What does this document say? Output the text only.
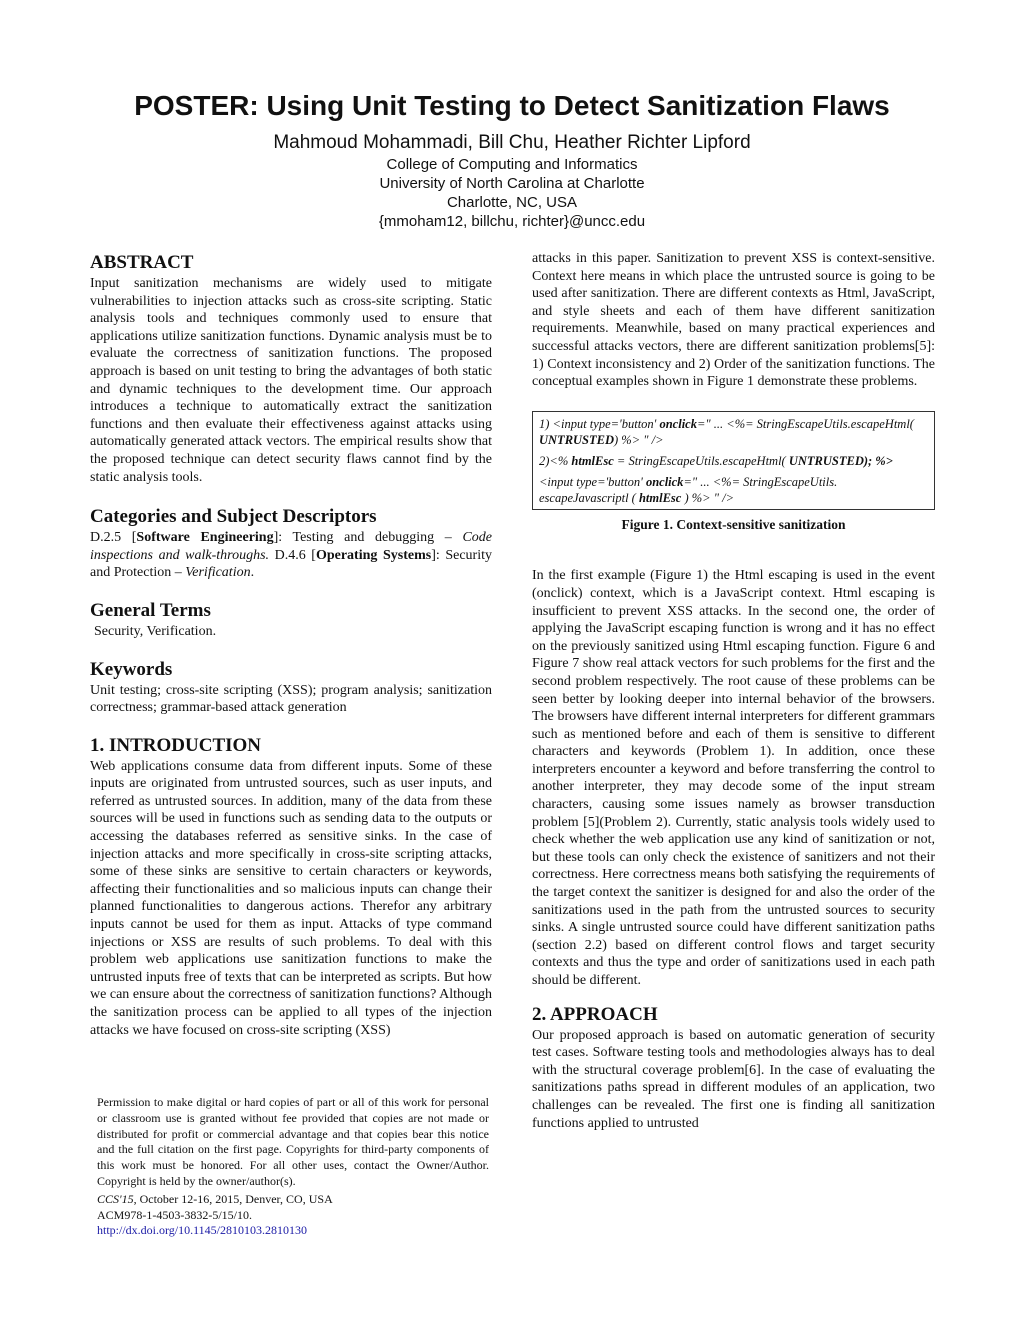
POSTER: Using Unit Testing to Detect Sanitization Flaws
Mahmoud Mohammadi, Bill Chu, Heather Richter Lipford
College of Computing and Informatics
University of North Carolina at Charlotte
Charlotte, NC, USA
{mmoham12, billchu, richter}@uncc.edu
ABSTRACT

Input sanitization mechanisms are widely used to mitigate vulnerabilities to injection attacks such as cross-site scripting. Static analysis tools and techniques commonly used to ensure that applications utilize sanitization functions. Dynamic analysis must be to evaluate the correctness of sanitization functions. The proposed approach is based on unit testing to bring the advantages of both static and dynamic techniques to the development time. Our approach introduces a technique to automatically extract the sanitization functions and then evaluate their effectiveness against attacks using automatically generated attack vectors. The empirical results show that the proposed technique can detect security flaws cannot find by the static analysis tools.

Categories and Subject Descriptors

D.2.5 [Software Engineering]: Testing and debugging – Code inspections and walk-throughs. D.4.6 [Operating Systems]: Security and Protection – Verification.

General Terms

Security, Verification.

Keywords

Unit testing; cross-site scripting (XSS); program analysis; sanitization correctness; grammar-based attack generation

1. INTRODUCTION

Web applications consume data from different inputs. Some of these inputs are originated from untrusted sources, such as user inputs, and referred as untrusted sources. In addition, many of the data from these sources will be used in functions such as sending data to the outputs or accessing the databases referred as sensitive sinks. In the case of injection attacks and more specifically in cross-site scripting attacks, some of these sinks are sensitive to certain characters or keywords, affecting their functionalities and so malicious inputs can change their planned functionalities to dangerous actions. Therefor any arbitrary inputs cannot be used for them as input. Attacks of type command injections or XSS are results of such problems. To deal with this problem web applications use sanitization functions to make the untrusted inputs free of texts that can be interpreted as scripts. But how we can ensure about the correctness of sanitization functions? Although the sanitization process can be applied to all types of the injection attacks we have focused on cross-site scripting (XSS)

Permission to make digital or hard copies of part or all of this work for personal or classroom use is granted without fee provided that copies are not made or distributed for profit or commercial advantage and that copies bear this notice and the full citation on the first page. Copyrights for third-party components of this work must be honored. For all other uses, contact the Owner/Author. Copyright is held by the owner/author(s).

CCS'15, October 12-16, 2015, Denver, CO, USA
ACM978-1-4503-3832-5/15/10.
http://dx.doi.org/10.1145/2810103.2810130

attacks in this paper. Sanitization to prevent XSS is context-sensitive. Context here means in which place the untrusted source is going to be used after sanitization. There are different contexts as Html, JavaScript, and style sheets and each of them have different sanitization requirements. Meanwhile, based on many practical experiences and successful attacks vectors, there are different sanitization problems[5]: 1) Context inconsistency and 2) Order of the sanitization functions. The conceptual examples shown in Figure 1 demonstrate these problems.

1) <input type='button' onclick=" ... <%= StringEscapeUtils.escapeHtml( UNTRUSTED) %> " />
2)<% htmlEsc = StringEscapeUtils.escapeHtml( UNTRUSTED); %>
<input type='button' onclick=" ... <%= StringEscapeUtils. escapeJavascriptl ( htmlEsc ) %> " />
Figure 1. Context-sensitive sanitization

In the first example (Figure 1) the Html escaping is used in the event (onclick) context, which is a JavaScript context. Html escaping is insufficient to prevent XSS attacks. In the second one, the order of applying the JavaScript escaping function is wrong and it has no effect on the previously sanitized using Html escaping function. Figure 6 and Figure 7 show real attack vectors for such problems for the first and the second problem respectively. The root cause of these problems can be seen better by looking deeper into internal behavior of the browsers. The browsers have different internal interpreters for different grammars such as mentioned before and each of them is sensitive to different characters and keywords (Problem 1). In addition, once these interpreters encounter a keyword and before transferring the control to another interpreter, they may decode some of the input stream characters, causing some issues namely as browser transduction problem [5](Problem 2). Currently, static analysis tools widely used to check whether the web application use any kind of sanitization or not, but these tools can only check the existence of sanitizers and not their correctness. Here correctness means both satisfying the requirements of the target context the sanitizer is designed for and also the order of the sanitizations used in the path from the untrusted sources to security sinks. A single untrusted source could have different sanitization paths (section 2.2) based on different control flows and target security contexts and thus the type and order of sanitizations used in each path should be different.

2. APPROACH

Our proposed approach is based on automatic generation of security test cases. Software testing tools and methodologies always has to deal with the structural coverage problem[6]. In the case of evaluating the sanitizations paths spread in different modules of an application, two challenges can be revealed. The first one is finding all sanitization functions applied to untrusted
